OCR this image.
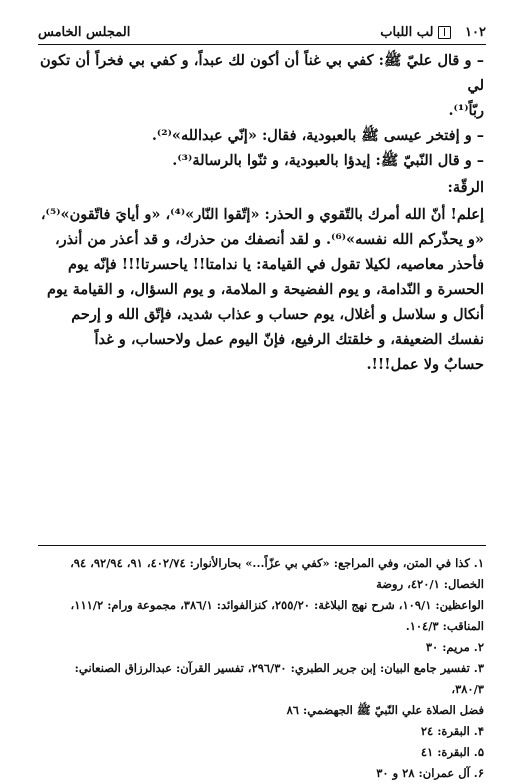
١٠٢
لب اللباب
المجلس الخامس

– و قال عليّ ﷺ: كفي بي غناً أن أكون لك عبداً، و كفي بي فخراً أن تكون لي

ربّاً⁽¹⁾.

– و إفتخر عيسى ﷺ بالعبودية، فقال: «إنّي عبدالله»⁽²⁾.

– و قال النّبيّ ﷺ: إيدؤا بالعبودية، و ثنّوا بالرسالة⁽³⁾.

الرقّة:

إعلم! أنّ الله أمرك بالتّقوي و الحذر: «إتّقوا النّار»⁽⁴⁾، «و أيايَ فاتّقون»⁽⁵⁾،

«و يحذّركم الله نفسه»⁽⁶⁾. و لقد أنصفك من حذرك، و قد أعذر من أنذر،

فأحذر معاصيه، لكيلا تقول في القيامة: يا ندامتا!! ياحسرتا!!! فإنّه يوم

الحسرة و النّدامة، و يوم الفضيحة و الملامة، و يوم السؤال، و القيامة يوم

أنكال و سلاسل و أغلال، يوم حساب و عذاب شديد، فإتّق الله و إرحم

نفسك الضعيفة، و خلقتك الرفيع، فإنّ اليوم عمل ولاحساب، و غداً

حسابٌ ولا عمل!!!.

۱. كذا في المتن، وفي المراجع: «كفي بي عزّاً...» بحارالأنوار: ٤٠٢/٧٤، ٩١، ٩٢/٩٤، ٩٤، الخصال: ٤٢٠/١، روضة

الواعظين: ١٠٩/١، شرح نهج البلاغة: ٢٥٥/٢٠، كنزالفوائد: ٣٨٦/١، مجموعة ورام: ١١١/٢، المناقب: ١٠٤/٣.

۲. مريم: ٣٠

۳. تفسير جامع البيان: إبن جرير الطبري: ٢٩٦/٣٠، تفسير القرآن: عبدالرزاق الصنعاني: ٣٨٠/٣،

فضل الصلاة علي النّبيّ ﷺ الجهضمي: ٨٦

۴. البقرة: ٢٤

۵. البقرة: ٤١

۶. آل عمران: ٢٨ و ٣٠
